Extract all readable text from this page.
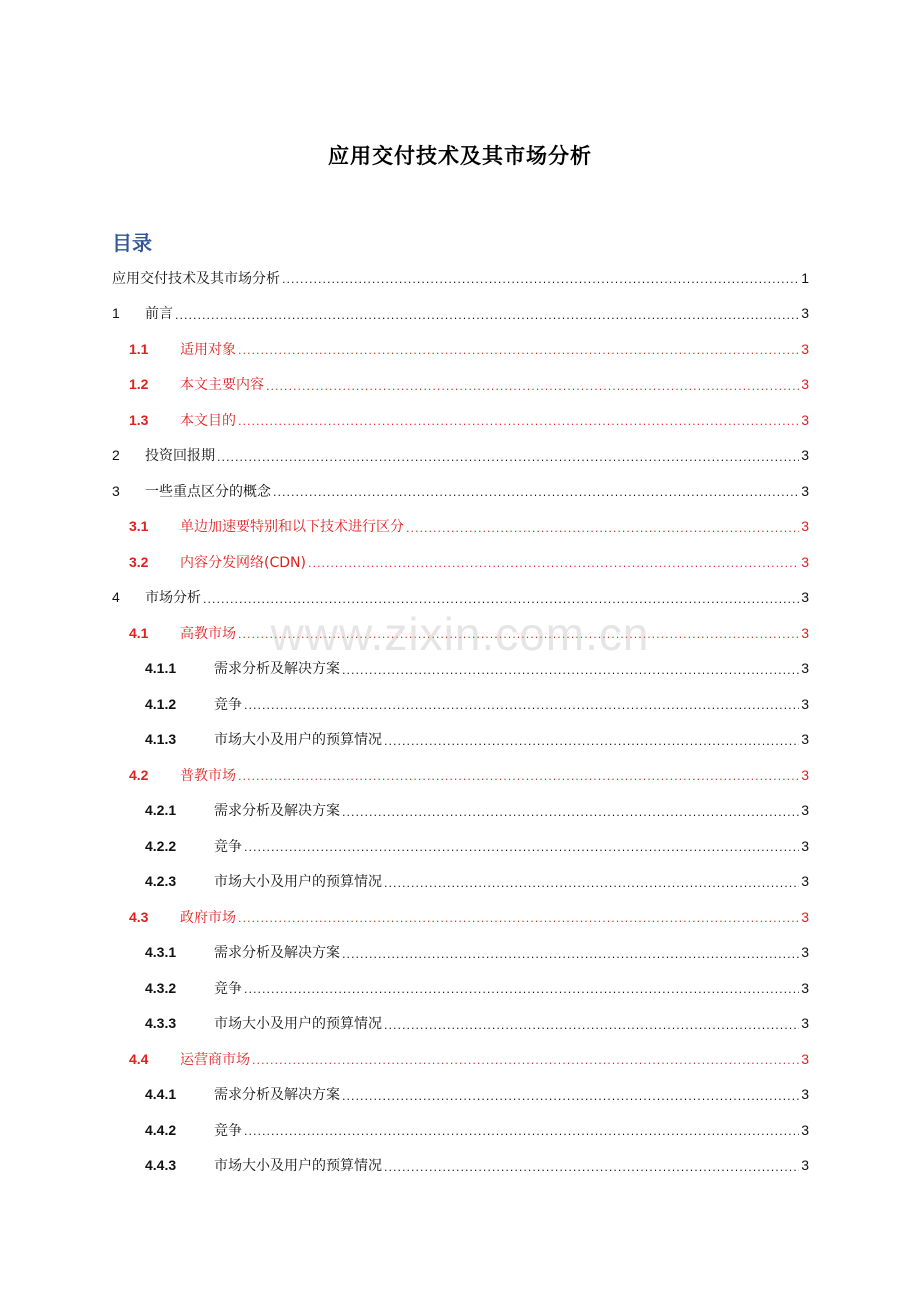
应用交付技术及其市场分析
目录
应用交付技术及其市场分析 .....	1
1	前言 .....	3
1.1	适用对象 .....	3
1.2	本文主要内容 .....	3
1.3	本文目的 .....	3
2	投资回报期 .....	3
3	一些重点区分的概念 .....	3
3.1	单边加速要特别和以下技术进行区分 .....	3
3.2	内容分发网络(CDN) .....	3
4	市场分析 .....	3
4.1	高教市场 .....	3
4.1.1	需求分析及解决方案 .....	3
4.1.2	竞争 .....	3
4.1.3	市场大小及用户的预算情况 .....	3
4.2	普教市场 .....	3
4.2.1	需求分析及解决方案 .....	3
4.2.2	竞争 .....	3
4.2.3	市场大小及用户的预算情况 .....	3
4.3	政府市场 .....	3
4.3.1	需求分析及解决方案 .....	3
4.3.2	竞争 .....	3
4.3.3	市场大小及用户的预算情况 .....	3
4.4	运营商市场 .....	3
4.4.1	需求分析及解决方案 .....	3
4.4.2	竞争 .....	3
4.4.3	市场大小及用户的预算情况 .....	3
www.zixin.com.cn
